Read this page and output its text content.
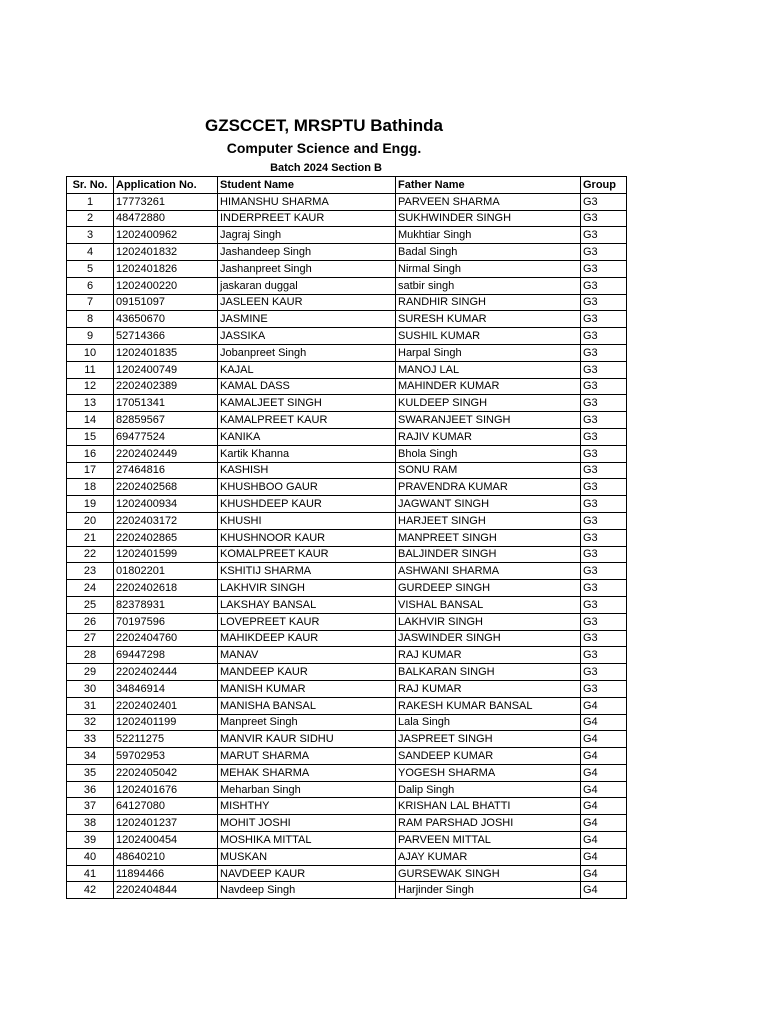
GZSCCET, MRSPTU Bathinda
Computer Science and Engg.
Batch 2024 Section B
Sr. No.	Application No.	Student Name	Father Name	Group
1	17773261	HIMANSHU SHARMA	PARVEEN SHARMA	G3
2	48472880	INDERPREET KAUR	SUKHWINDER SINGH	G3
3	1202400962	Jagraj Singh	Mukhtiar Singh	G3
4	1202401832	Jashandeep Singh	Badal Singh	G3
5	1202401826	Jashanpreet Singh	Nirmal Singh	G3
6	1202400220	jaskaran duggal	satbir singh	G3
7	09151097	JASLEEN KAUR	RANDHIR SINGH	G3
8	43650670	JASMINE	SURESH KUMAR	G3
9	52714366	JASSIKA	SUSHIL KUMAR	G3
10	1202401835	Jobanpreet Singh	Harpal Singh	G3
11	1202400749	KAJAL	MANOJ LAL	G3
12	2202402389	KAMAL DASS	MAHINDER KUMAR	G3
13	17051341	KAMALJEET SINGH	KULDEEP SINGH	G3
14	82859567	KAMALPREET KAUR	SWARANJEET SINGH	G3
15	69477524	KANIKA	RAJIV KUMAR	G3
16	2202402449	Kartik Khanna	Bhola Singh	G3
17	27464816	KASHISH	SONU RAM	G3
18	2202402568	KHUSHBOO GAUR	PRAVENDRA KUMAR	G3
19	1202400934	KHUSHDEEP KAUR	JAGWANT SINGH	G3
20	2202403172	KHUSHI	HARJEET SINGH	G3
21	2202402865	KHUSHNOOR KAUR	MANPREET SINGH	G3
22	1202401599	KOMALPREET KAUR	BALJINDER SINGH	G3
23	01802201	KSHITIJ SHARMA	ASHWANI SHARMA	G3
24	2202402618	LAKHVIR SINGH	GURDEEP SINGH	G3
25	82378931	LAKSHAY BANSAL	VISHAL BANSAL	G3
26	70197596	LOVEPREET KAUR	LAKHVIR SINGH	G3
27	2202404760	MAHIKDEEP KAUR	JASWINDER SINGH	G3
28	69447298	MANAV	RAJ KUMAR	G3
29	2202402444	MANDEEP KAUR	BALKARAN SINGH	G3
30	34846914	MANISH KUMAR	RAJ KUMAR	G3
31	2202402401	MANISHA BANSAL	RAKESH KUMAR BANSAL	G4
32	1202401199	Manpreet Singh	Lala Singh	G4
33	52211275	MANVIR KAUR SIDHU	JASPREET SINGH	G4
34	59702953	MARUT SHARMA	SANDEEP KUMAR	G4
35	2202405042	MEHAK SHARMA	YOGESH SHARMA	G4
36	1202401676	Meharban Singh	Dalip Singh	G4
37	64127080	MISHTHY	KRISHAN LAL BHATTI	G4
38	1202401237	MOHIT JOSHI	RAM PARSHAD JOSHI	G4
39	1202400454	MOSHIKA MITTAL	PARVEEN MITTAL	G4
40	48640210	MUSKAN	AJAY KUMAR	G4
41	11894466	NAVDEEP KAUR	GURSEWAK SINGH	G4
42	2202404844	Navdeep Singh	Harjinder Singh	G4
